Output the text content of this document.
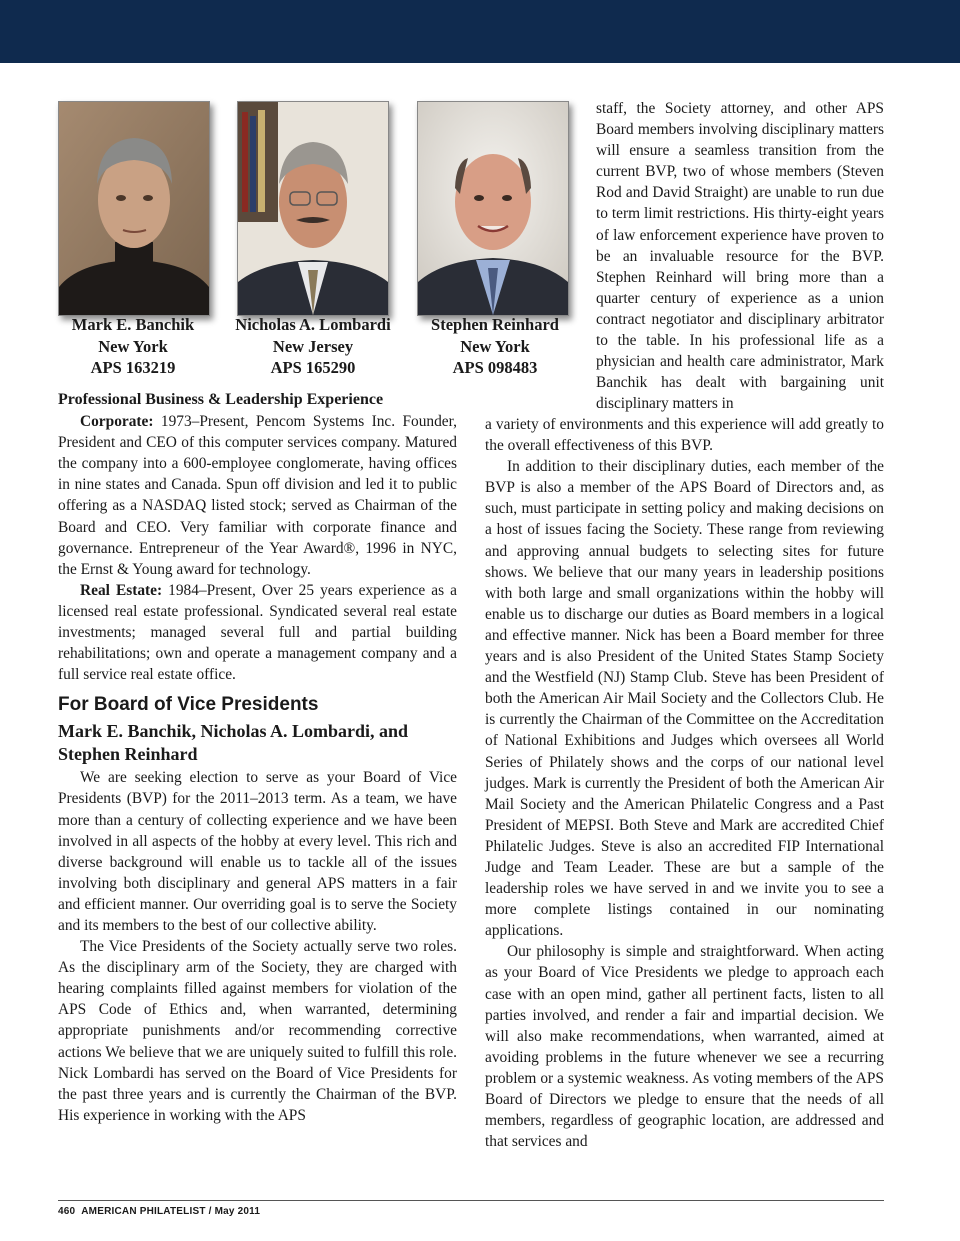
Mark E. Banchik
New York
APS 163219
Nicholas A. Lombardi
New Jersey
APS 165290
Stephen Reinhard
New York
APS 098483

Professional Business & Leadership Experience

Corporate: 1973–Present, Pencom Systems Inc. Founder, President and CEO of this computer services company. Matured the company into a 600-employee conglomerate, having offices in nine states and Canada. Spun off division and led it to public offering as a NASDAQ listed stock; served as Chairman of the Board and CEO. Very familiar with corporate finance and governance. Entrepreneur of the Year Award®, 1996 in NYC, the Ernst & Young award for technology.

Real Estate: 1984–Present, Over 25 years experience as a licensed real estate professional. Syndicated several real estate investments; managed several full and partial building rehabilitations; own and operate a management company and a full service real estate office.

For Board of Vice Presidents

Mark E. Banchik, Nicholas A. Lombardi, and
Stephen Reinhard

We are seeking election to serve as your Board of Vice Presidents (BVP) for the 2011–2013 term. As a team, we have more than a century of collecting experience and we have been involved in all aspects of the hobby at every level. This rich and diverse background will enable us to tackle all of the issues involving both disciplinary and general APS matters in a fair and efficient manner. Our overriding goal is to serve the Society and its members to the best of our collective ability.

The Vice Presidents of the Society actually serve two roles. As the disciplinary arm of the Society, they are charged with hearing complaints filled against members for violation of the APS Code of Ethics and, when warranted, determining appropriate punishments and/or recommending corrective actions We believe that we are uniquely suited to fulfill this role. Nick Lombardi has served on the Board of Vice Presidents for the past three years and is currently the Chairman of the BVP. His experience in working with the APS

staff, the Society attorney, and other APS Board members involving disciplinary matters will ensure a seamless transition from the current BVP, two of whose members (Steven Rod and David Straight) are unable to run due to term limit restrictions. His thirty-eight years of law enforcement experience have proven to be an invaluable resource for the BVP. Stephen Reinhard will bring more than a quarter century of experience as a union contract negotiator and disciplinary arbitrator to the table. In his professional life as a physician and health care administrator, Mark Banchik has dealt with bargaining unit disciplinary matters in

a variety of environments and this experience will add greatly to the overall effectiveness of this BVP.

In addition to their disciplinary duties, each member of the BVP is also a member of the APS Board of Directors and, as such, must participate in setting policy and making decisions on a host of issues facing the Society. These range from reviewing and approving annual budgets to selecting sites for future shows. We believe that our many years in leadership positions with both large and small organizations within the hobby will enable us to discharge our duties as Board members in a logical and effective manner. Nick has been a Board member for three years and is also President of the United States Stamp Society and the Westfield (NJ) Stamp Club. Steve has been President of both the American Air Mail Society and the Collectors Club. He is currently the Chairman of the Committee on the Accreditation of National Exhibitions and Judges which oversees all World Series of Philately shows and the corps of our national level judges. Mark is currently the President of both the American Air Mail Society and the American Philatelic Congress and a Past President of MEPSI. Both Steve and Mark are accredited Chief Philatelic Judges. Steve is also an accredited FIP International Judge and Team Leader. These are but a sample of the leadership roles we have served in and we invite you to see a more complete listings contained in our nominating applications.

Our philosophy is simple and straightforward. When acting as your Board of Vice Presidents we pledge to approach each case with an open mind, gather all pertinent facts, listen to all parties involved, and render a fair and impartial decision. We will also make recommendations, when warranted, aimed at avoiding problems in the future whenever we see a recurring problem or a systemic weakness. As voting members of the APS Board of Directors we pledge to ensure that the needs of all members, regardless of geographic location, are addressed and that services and

460 AMERICAN PHILATELIST / May 2011
